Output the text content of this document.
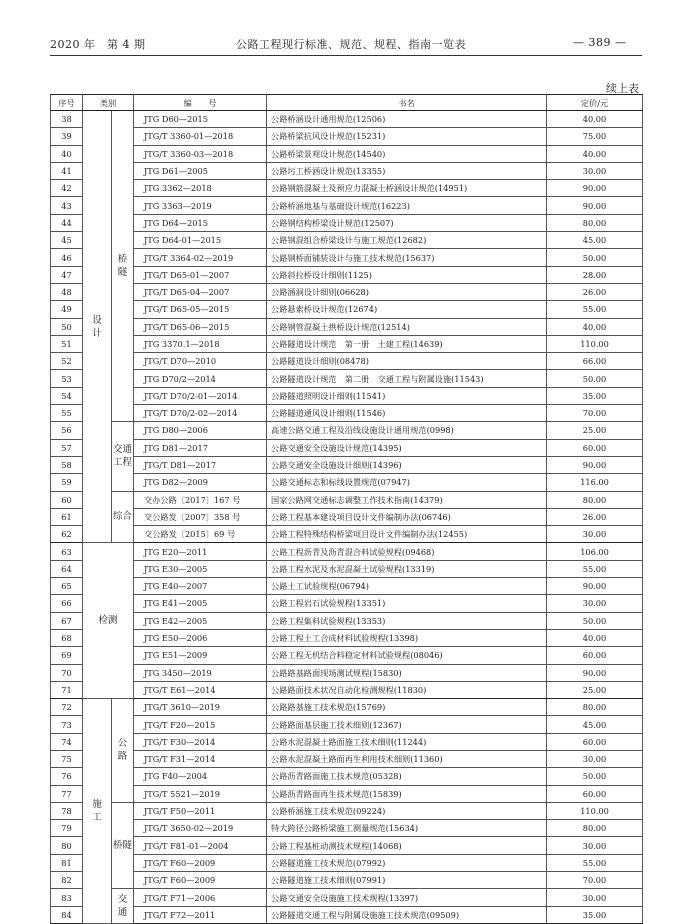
2020 年　第 4 期	公路工程现行标准、规范、规程、指南一览表	— 389 —
续上表
序号	类别		编　　号	书名	定价/元
38	设　　计	桥　　隧	JTG D60—2015	公路桥涵设计通用规范(12506)	40.00
39			JTG/T 3360-01—2018	公路桥梁抗风设计规范(15231)	75.00
40			JTG/T 3360-03—2018	公路桥梁景观设计规范(14540)	40.00
41			JTG D61—2005	公路圬工桥涵设计规范(13355)	30.00
42			JTG 3362—2018	公路钢筋混凝土及预应力混凝土桥涵设计规范(14951)	90.00
43			JTG 3363—2019	公路桥涵地基与基础设计规范(16223)	90.00
44			JTG D64—2015	公路钢结构桥梁设计规范(12507)	80.00
45			JTG D64-01—2015	公路钢混组合桥梁设计与施工规范(12682)	45.00
46			JTG/T 3364-02—2019	公路钢桥面铺装设计与施工技术规范(15637)	50.00
47			JTG/T D65-01—2007	公路斜拉桥设计细则(1125)	28.00
48			JTG/T D65-04—2007	公路涵洞设计细则(06628)	26.00
49			JTG/T D65-05—2015	公路悬索桥设计规范(12674)	55.00
50			JTG/T D65-06—2015	公路钢管混凝土拱桥设计规范(12514)	40.00
51			JTG 3370.1—2018	公路隧道设计规范　第一册　土建工程(14639)	110.00
52			JTG/T D70—2010	公路隧道设计细则(08478)	66.00
53			JTG D70/2—2014	公路隧道设计规范　第二册　交通工程与附属设施(11543)	50.00
54			JTG/T D70/2-01—2014	公路隧道照明设计细则(11541)	35.00
55			JTG/T D70/2-02—2014	公路隧道通风设计细则(11546)	70.00
56		交通工程	JTG D80—2006	高速公路交通工程及沿线设施设计通用规范(0998)	25.00
57			JTG D81—2017	公路交通安全设施设计规范(14395)	60.00
58			JTG/T D81—2017	公路交通安全设施设计细则(14396)	90.00
59			JTG D82—2009	公路交通标志和标线设置规范(07947)	116.00
60		综合	交办公路〔2017〕167 号	国家公路网交通标志调整工作技术指南(14379)	80.00
61			交公路发〔2007〕358 号	公路工程基本建设项目设计文件编制办法(06746)	26.00
62			交公路发〔2015〕69 号	公路工程特殊结构桥梁项目设计文件编制办法(12455)	30.00
63	检测		JTG E20—2011	公路工程沥青及沥青混合料试验规程(09468)	106.00
64			JTG E30—2005	公路工程水泥及水泥混凝土试验规程(13319)	55.00
65			JTG E40—2007	公路土工试验规程(06794)	90.00
66			JTG E41—2005	公路工程岩石试验规程(13351)	30.00
67			JTG E42—2005	公路工程集料试验规程(13353)	50.00
68			JTG E50—2006	公路工程土工合成材料试验规程(13398)	40.00
69			JTG E51—2009	公路工程无机结合料稳定材料试验规程(08046)	60.00
70			JTG 3450—2019	公路路基路面现场测试规程(15830)	90.00
71			JTG/T E61—2014	公路路面技术状况自动化检测规程(11830)	25.00
72	施　　工	公　路	JTG/T 3610—2019	公路路基施工技术规范(15769)	80.00
73			JTG/T F20—2015	公路路面基层施工技术细则(12367)	45.00
74			JTG/T F30—2014	公路水泥混凝土路面施工技术细则(11244)	60.00
75			JTG/T F31—2014	公路水泥混凝土路面再生利用技术细则(11360)	30.00
76			JTG F40—2004	公路沥青路面施工技术规范(05328)	50.00
77			JTG/T 5521—2019	公路沥青路面再生技术规范(15839)	60.00
78		桥隧	JTG/T F50—2011	公路桥涵施工技术规范(09224)	110.00
79			JTG/T 3650-02—2019	特大跨径公路桥梁施工测量规范(15634)	80.00
80			JTG/T F81-01—2004	公路工程基桩动测技术规程(14068)	30.00
81			JTG/T F60—2009	公路隧道施工技术规范(07992)	55.00
82			JTG/T F60—2009	公路隧道施工技术细则(07991)	70.00
83		交　通	JTG/T F71—2006	公路交通安全设施施工技术规程(13397)	30.00
84			JTG/T F72—2011	公路隧道交通工程与附属设施施工技术规范(09509)	35.00
